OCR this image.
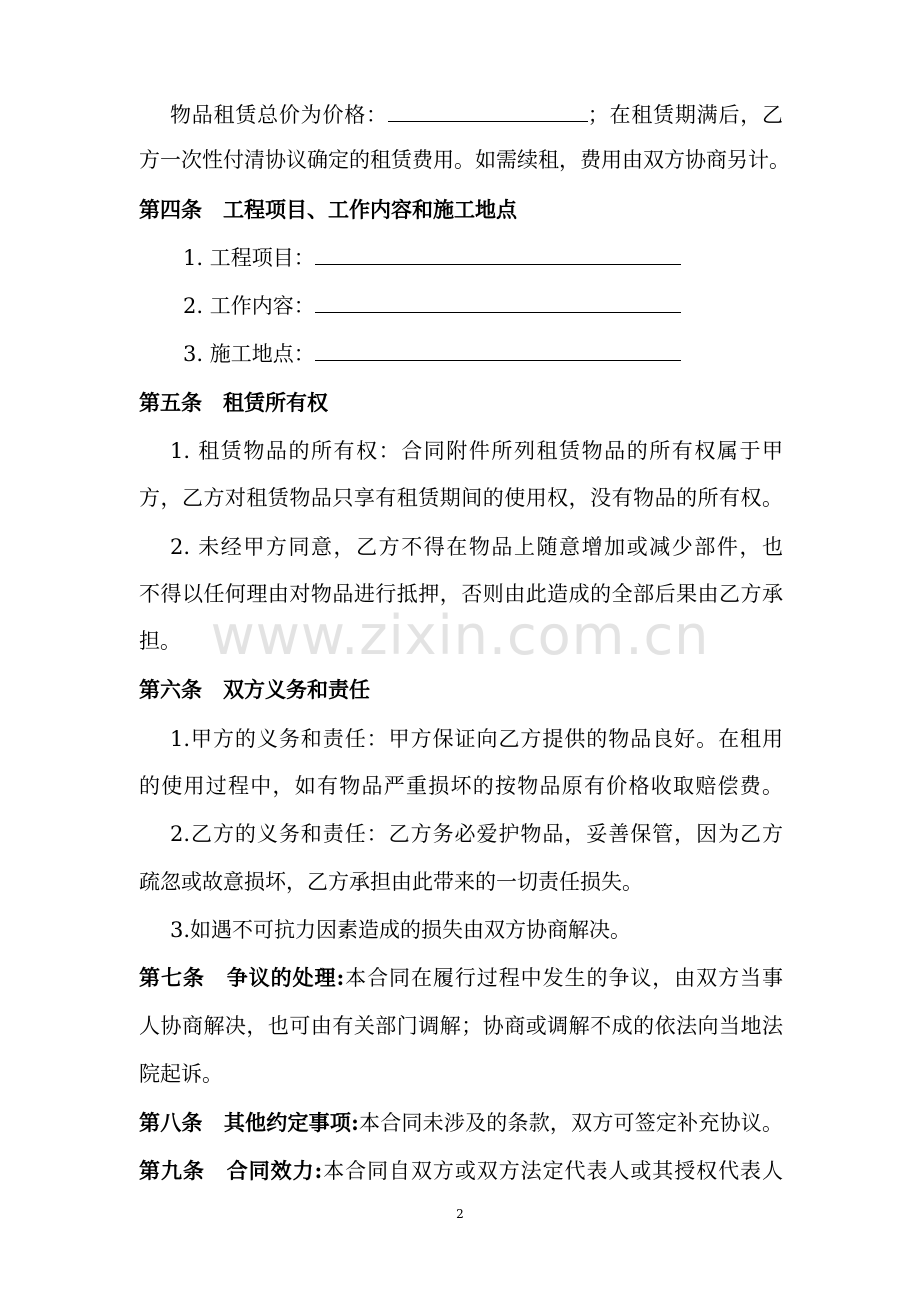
www.zixin.com.cn
物品租赁总价为价格：	；在租赁期满后，乙
方一次性付清协议确定的租赁费用。如需续租，费用由双方协商另计。
第四条　工程项目、工作内容和施工地点
1. 工程项目：
2. 工作内容：
3. 施工地点：
第五条　租赁所有权
1. 租赁物品的所有权：合同附件所列租赁物品的所有权属于甲
方，乙方对租赁物品只享有租赁期间的使用权，没有物品的所有权。
2. 未经甲方同意，乙方不得在物品上随意增加或减少部件，也
不得以任何理由对物品进行抵押，否则由此造成的全部后果由乙方承
担。
第六条　双方义务和责任
1.甲方的义务和责任：甲方保证向乙方提供的物品良好。在租用
的使用过程中，如有物品严重损坏的按物品原有价格收取赔偿费。
2.乙方的义务和责任：乙方务必爱护物品，妥善保管，因为乙方
疏忽或故意损坏，乙方承担由此带来的一切责任损失。
3.如遇不可抗力因素造成的损失由双方协商解决。
第七条　争议的处理:本合同在履行过程中发生的争议，由双方当事
人协商解决，也可由有关部门调解；协商或调解不成的依法向当地法
院起诉。
第八条　其他约定事项:本合同未涉及的条款，双方可签定补充协议。
第九条　合同效力:本合同自双方或双方法定代表人或其授权代表人
2
